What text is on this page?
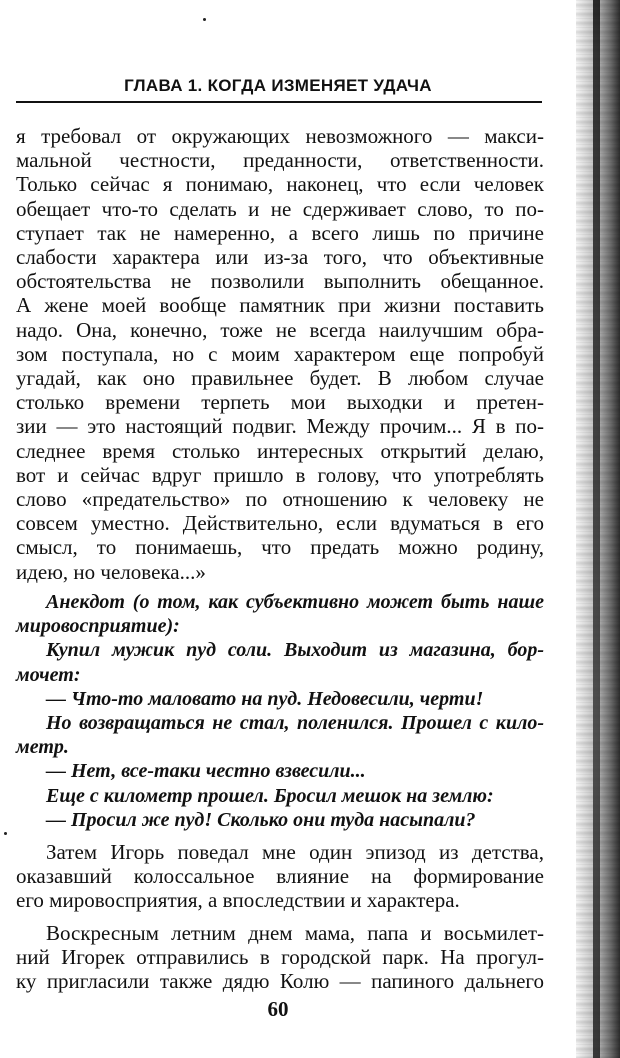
ГЛАВА 1. КОГДА ИЗМЕНЯЕТ УДАЧА
я требовал от окружающих невозможного — макси-
мальной честности, преданности, ответственности.
Только сейчас я понимаю, наконец, что если человек
обещает что-то сделать и не сдерживает слово, то по-
ступает так не намеренно, а всего лишь по причине
слабости характера или из-за того, что объективные
обстоятельства не позволили выполнить обещанное.
А жене моей вообще памятник при жизни поставить
надо. Она, конечно, тоже не всегда наилучшим обра-
зом поступала, но с моим характером еще попробуй
угадай, как оно правильнее будет. В любом случае
столько времени терпеть мои выходки и претен-
зии — это настоящий подвиг. Между прочим... Я в по-
следнее время столько интересных открытий делаю,
вот и сейчас вдруг пришло в голову, что употреблять
слово «предательство» по отношению к человеку не
совсем уместно. Действительно, если вдуматься в его
смысл, то понимаешь, что предать можно родину,
идею, но человека...»
Анекдот (о том, как субъективно может быть наше
мировосприятие):
Купил мужик пуд соли. Выходит из магазина, бор-
мочет:
— Что-то маловато на пуд. Недовесили, черти!
Но возвращаться не стал, поленился. Прошел с кило-
метр.
— Нет, все-таки честно взвесили...
Еще с километр прошел. Бросил мешок на землю:
— Просил же пуд! Сколько они туда насыпали?
Затем Игорь поведал мне один эпизод из детства,
оказавший колоссальное влияние на формирование
его мировосприятия, а впоследствии и характера.
Воскресным летним днем мама, папа и восьмилет-
ний Игорек отправились в городской парк. На прогул-
ку пригласили также дядю Колю — папиного дальнего
60
